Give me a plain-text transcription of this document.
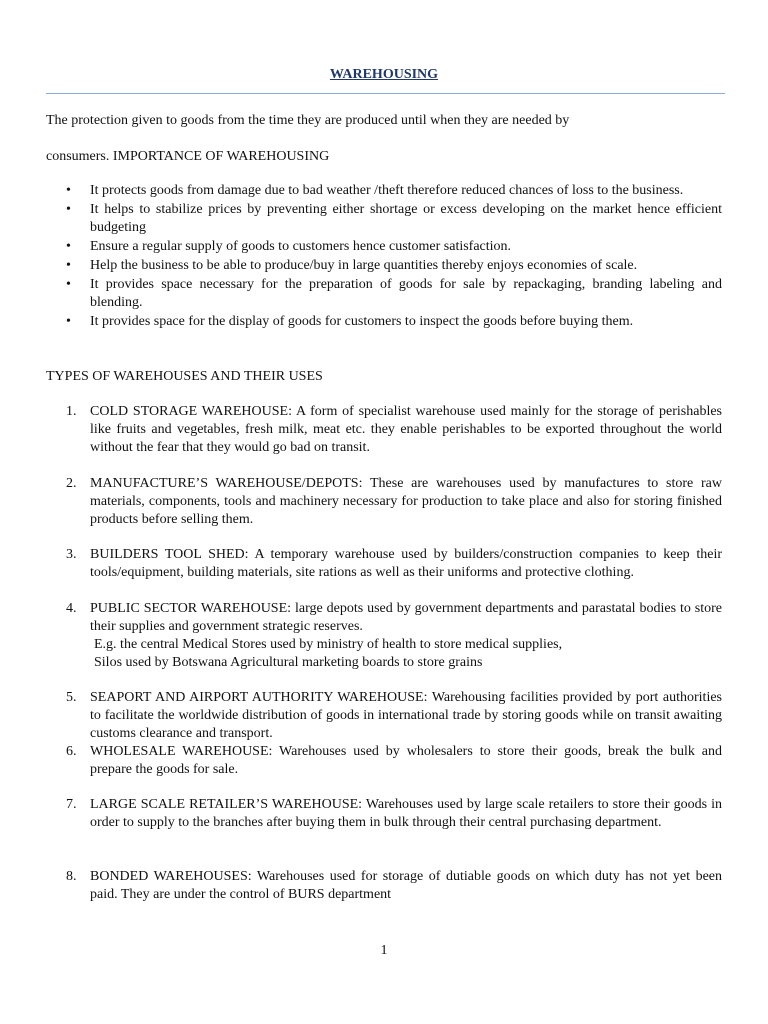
WAREHOUSING
The protection given to goods from the time they are produced until when they are needed by
consumers. IMPORTANCE OF WAREHOUSING
• It protects goods from damage due to bad weather /theft therefore reduced chances of loss to the business.
• It helps to stabilize prices by preventing either shortage or excess developing on the market hence efficient budgeting
• Ensure a regular supply of goods to customers hence customer satisfaction.
• Help the business to be able to produce/buy in large quantities thereby enjoys economies of scale.
• It provides space necessary for the preparation of goods for sale by repackaging, branding labeling and blending.
• It provides space for the display of goods for customers to inspect the goods before buying them.
TYPES OF WAREHOUSES AND THEIR USES
1. COLD STORAGE WAREHOUSE: A form of specialist warehouse used mainly for the storage of perishables like fruits and vegetables, fresh milk, meat etc. they enable perishables to be exported throughout the world without the fear that they would go bad on transit.
2. MANUFACTURE’S WAREHOUSE/DEPOTS: These are warehouses used by manufactures to store raw materials, components, tools and machinery necessary for production to take place and also for storing finished products before selling them.
3. BUILDERS TOOL SHED: A temporary warehouse used by builders/construction companies to keep their tools/equipment, building materials, site rations as well as their uniforms and protective clothing.
4. PUBLIC SECTOR WAREHOUSE: large depots used by government departments and parastatal bodies to store their supplies and government strategic reserves.
E.g. the central Medical Stores used by ministry of health to store medical supplies,
Silos used by Botswana Agricultural marketing boards to store grains
5. SEAPORT AND AIRPORT AUTHORITY WAREHOUSE: Warehousing facilities provided by port authorities to facilitate the worldwide distribution of goods in international trade by storing goods while on transit awaiting customs clearance and transport.
6. WHOLESALE WAREHOUSE: Warehouses used by wholesalers to store their goods, break the bulk and prepare the goods for sale.
7. LARGE SCALE RETAILER’S WAREHOUSE: Warehouses used by large scale retailers to store their goods in order to supply to the branches after buying them in bulk through their central purchasing department.
8. BONDED WAREHOUSES: Warehouses used for storage of dutiable goods on which duty has not yet been paid. They are under the control of BURS department
1
